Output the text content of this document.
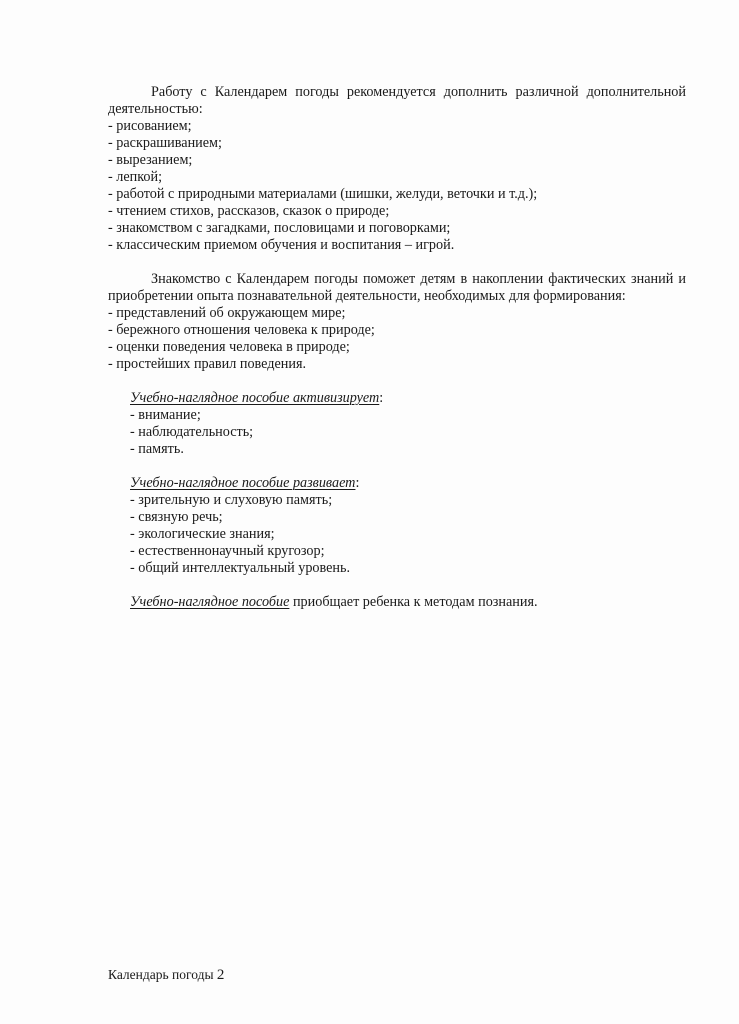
Работу с Календарем погоды рекомендуется дополнить различной дополнительной деятельностью:

- рисованием;
- раскрашиванием;
- вырезанием;
- лепкой;
- работой с природными материалами (шишки, желуди, веточки и т.д.);
- чтением стихов, рассказов, сказок о природе;
- знакомством с загадками, пословицами и поговорками;
- классическим приемом обучения и воспитания – игрой.

Знакомство с Календарем погоды поможет детям в накоплении фактических знаний и приобретении опыта познавательной деятельности, необходимых для формирования:

- представлений об окружающем мире;
- бережного отношения человека к природе;
- оценки поведения человека в природе;
- простейших правил поведения.
Учебно-наглядное пособие активизирует:
- внимание;
- наблюдательность;
- память.
Учебно-наглядное пособие развивает:
- зрительную и слуховую память;
- связную речь;
- экологические знания;
- естественнонаучный кругозор;
- общий интеллектуальный уровень.
Учебно-наглядное пособие приобщает ребенка к методам познания.
Календарь погоды 2
